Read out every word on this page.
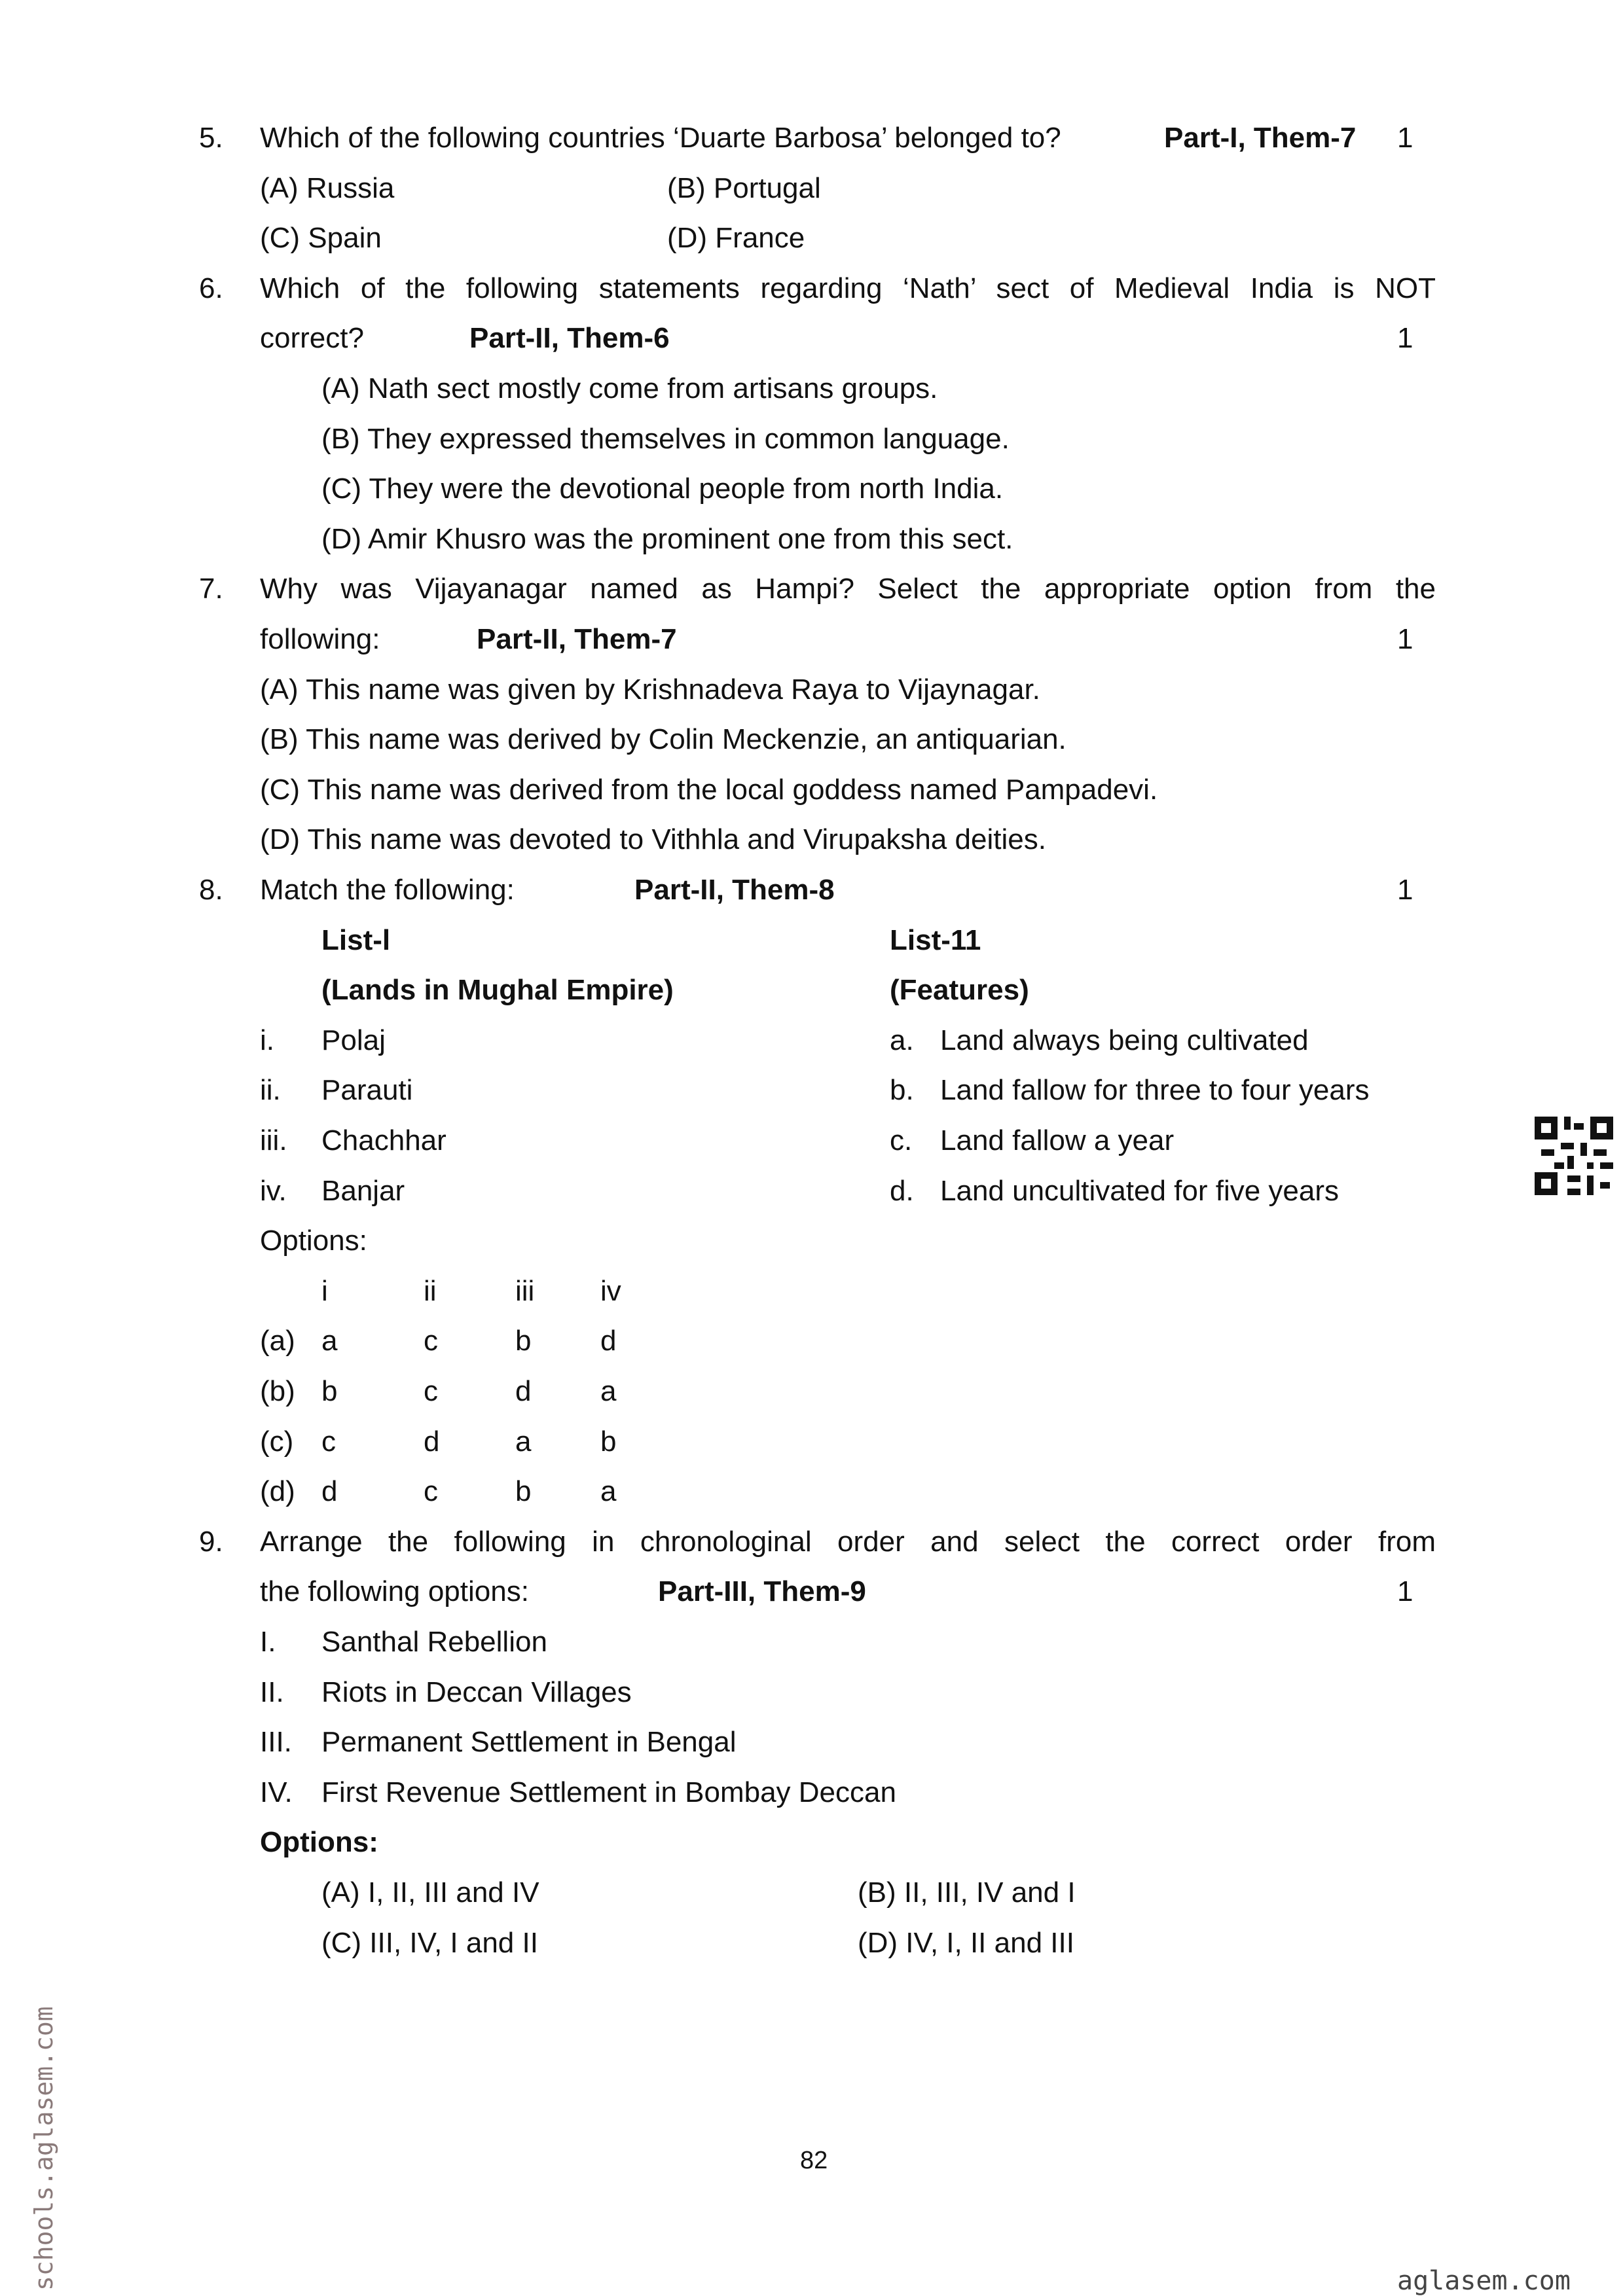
5. Which of the following countries ‘Duarte Barbosa’ belonged to?	Part-I, Them-7 1
(A) Russia	(B) Portugal
(C) Spain	(D) France
6. Which of the following statements regarding ‘Nath’ sect of Medieval India is NOT
correct?	Part-II, Them-6	1
(A) Nath sect mostly come from artisans groups.
(B) They expressed themselves in common language.
(C) They were the devotional people from north India.
(D) Amir Khusro was the prominent one from this sect.
7. Why was Vijayanagar named as Hampi? Select the appropriate option from the
following:	Part-II, Them-7	1
(A) This name was given by Krishnadeva Raya to Vijaynagar.
(B) This name was derived by Colin Meckenzie, an antiquarian.
(C) This name was derived from the local goddess named Pampadevi.
(D) This name was devoted to Vithhla and Virupaksha deities.
8. Match the following:	Part-II, Them-8	1
List-l	List-11
(Lands in Mughal Empire)	(Features)
i. Polaj	a. Land always being cultivated
ii. Parauti	b. Land fallow for three to four years
iii. Chachhar	c. Land fallow a year
iv. Banjar	d. Land uncultivated for five years
Options:
i	ii	iii iv
(a) a	c	b d
(b) b	c	d a
(c) c	d	a b
(d) d	c	b a
9. Arrange the following in chronologinal order and select the correct order from
the following options:	Part-III, Them-9	1
I. Santhal Rebellion
II. Riots in Deccan Villages
III. Permanent Settlement in Bengal
IV. First Revenue Settlement in Bombay Deccan
Options:
(A) I, II, III and IV	(B) II, III, IV and I
(C) III, IV, I and II	(D) IV, I, II and III
82
schools.aglasem.com	aglasem.com
